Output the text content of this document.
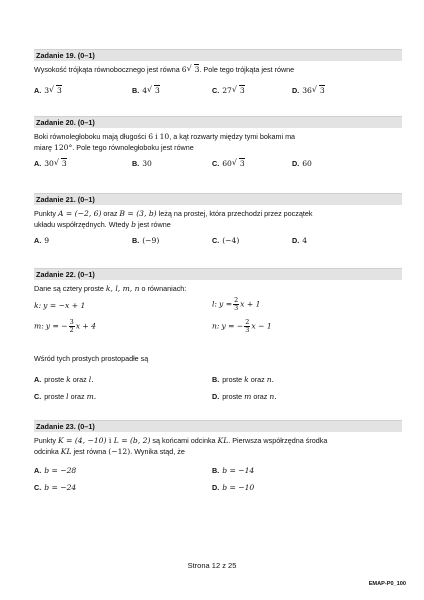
Zadanie 19. (0–1)
Wysokość trójkąta równobocznego jest równa 6 √ 3. Pole tego trójkąta jest równe
A. 3 √ 3	B. 4 √ 3	C. 27 √ 3	D. 36 √ 3
Zadanie 20. (0–1)
Boki równoległoboku mają długości 6 i 10, a kąt rozwarty między tymi bokami ma
miarę 120°. Pole tego równoległoboku jest równe
A. 30 √ 3	B. 30	C. 60 √ 3	D. 60
Zadanie 21. (0–1)
Punkty A = (−2, 6) oraz B = (3, b) leżą na prostej, która przechodzi przez początek
układu współrzędnych. Wtedy b jest równe
A. 9	B. (−9)	C. (−4)	D. 4
Zadanie 22. (0–1)
Dane są cztery proste k, l, m, n o równaniach:
k: y = −x + 1	l: $y = \frac{2}{3}$ x + 1
m: y = − $\frac{3}{2}$ x + 4	n: y = − $\frac{2}{3}$ x − 1
Wśród tych prostych prostopadłe są
A. proste k oraz l.	B. proste k oraz n.
C. proste l oraz m.	D. proste m oraz n.
Zadanie 23. (0–1)
Punkty K = (4, −10) i L = (b, 2) są końcami odcinka KL. Pierwsza współrzędna środka
odcinka KL jest równa (−12). Wynika stąd, że
A. b = −28	B. b = −14
C. b = −24	D. b = −10
Strona 12 z 25
EMAP-P0_100
